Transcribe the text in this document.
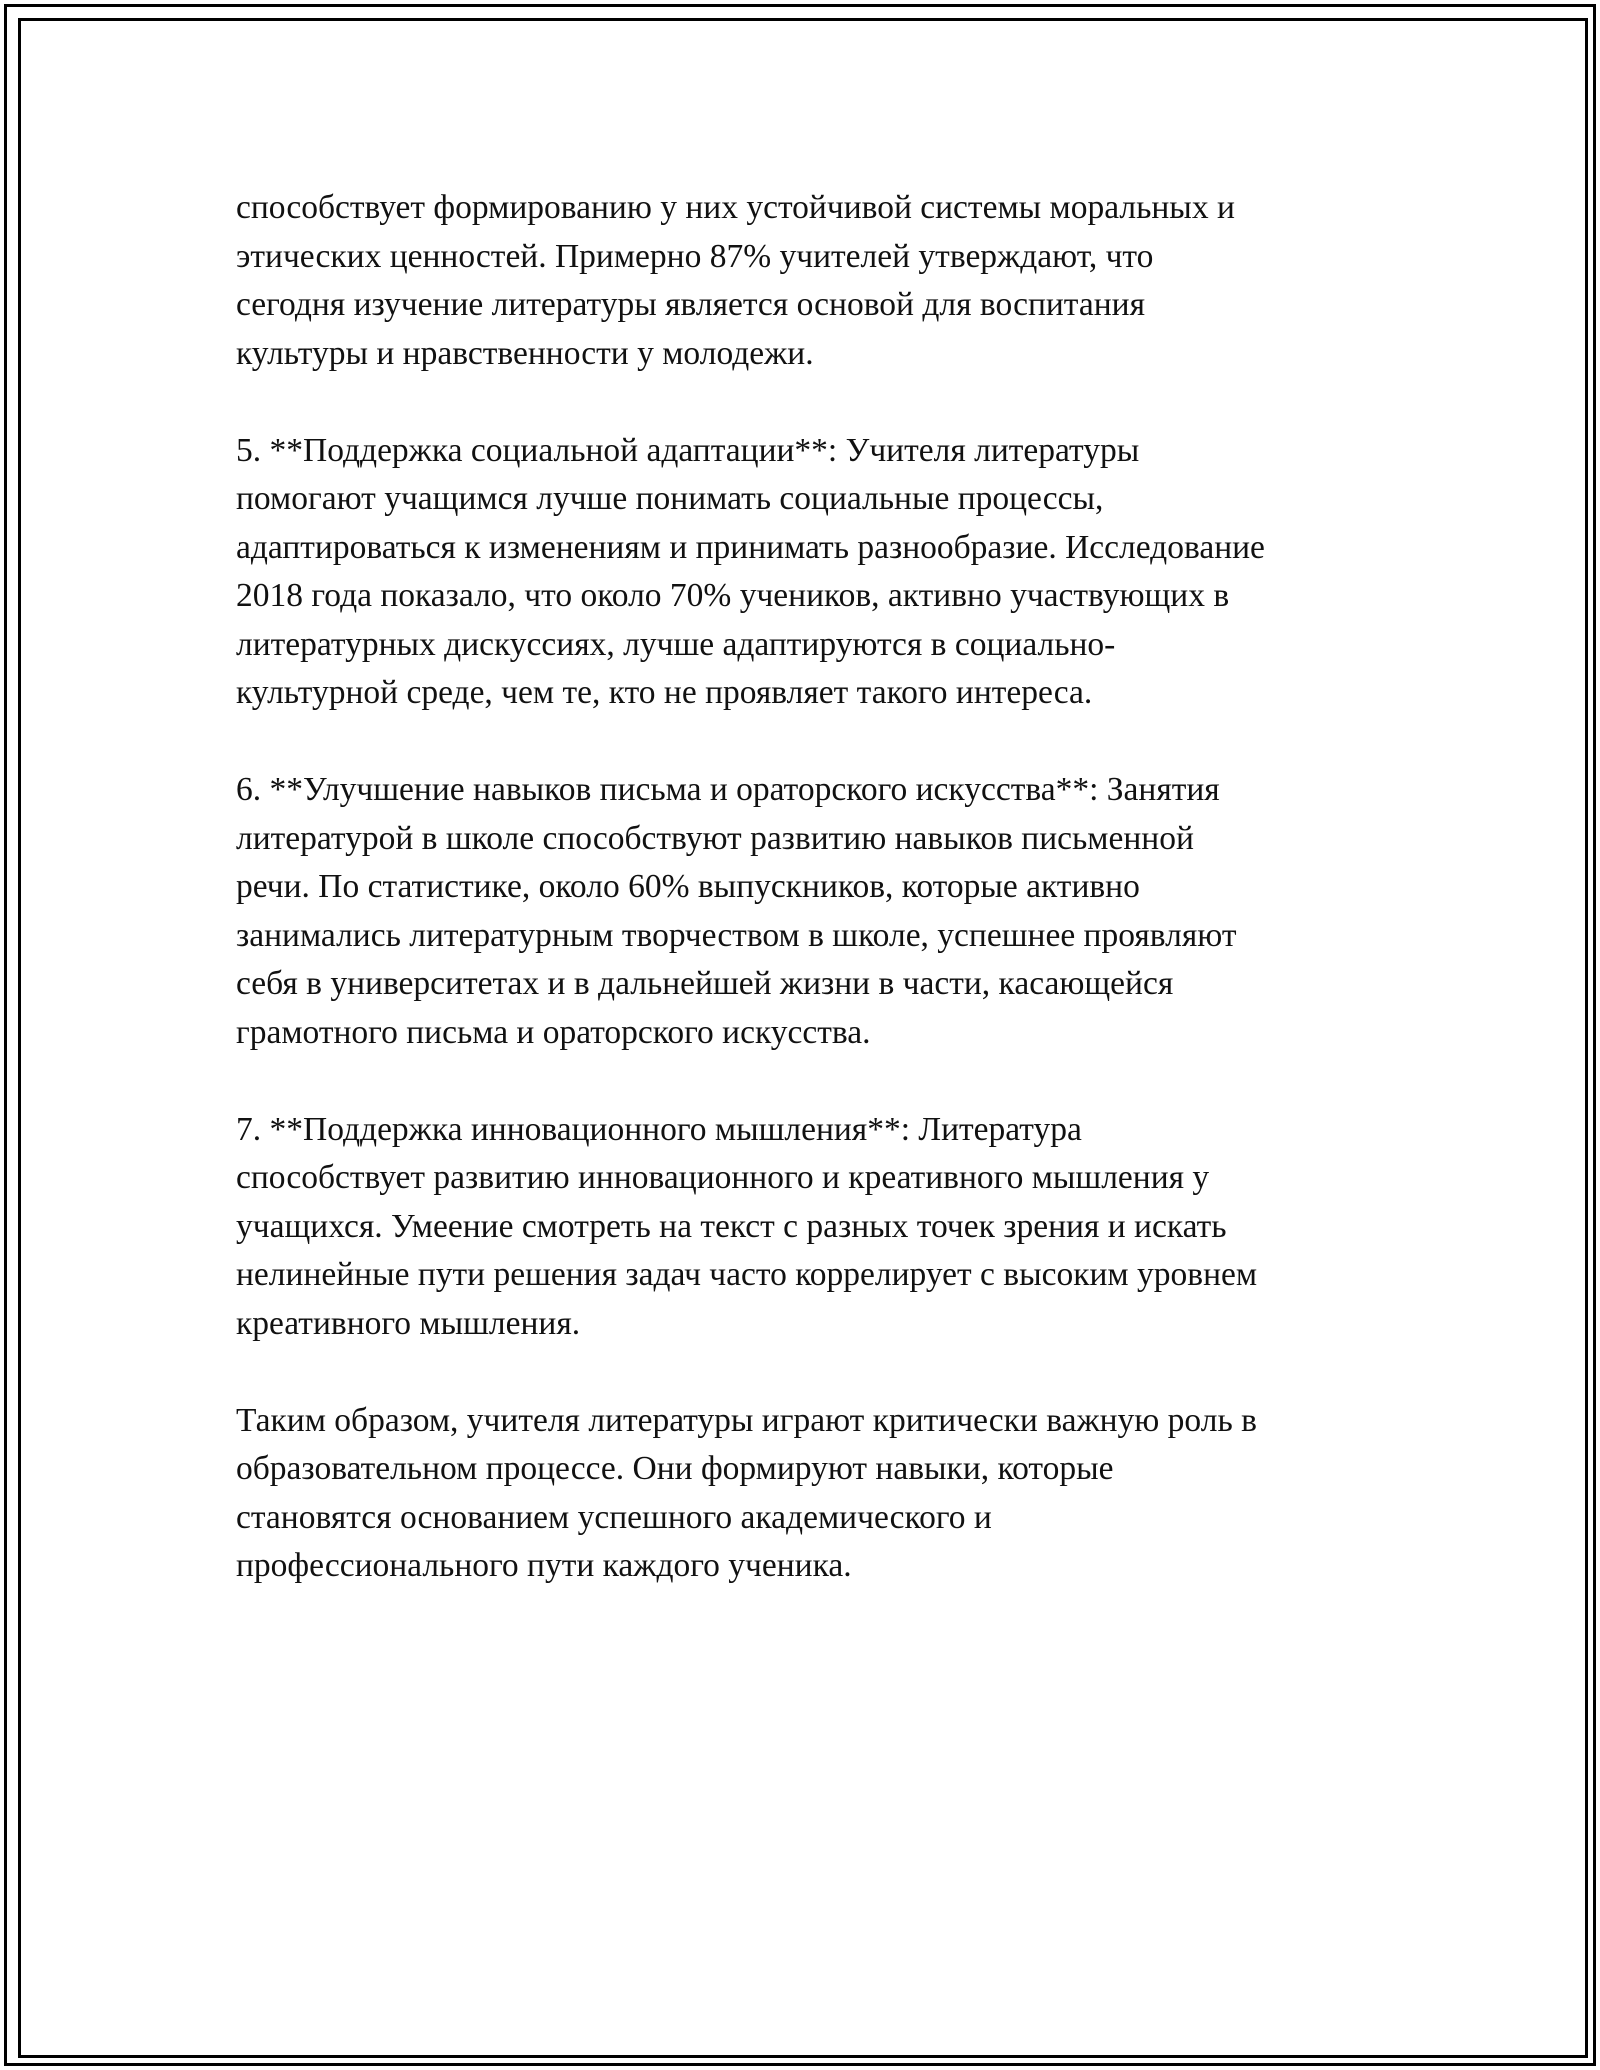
способствует формированию у них устойчивой системы моральных и
этических ценностей. Примерно 87% учителей утверждают, что
сегодня изучение литературы является основой для воспитания
культуры и нравственности у молодежи.

5. **Поддержка социальной адаптации**: Учителя литературы
помогают учащимся лучше понимать социальные процессы,
адаптироваться к изменениям и принимать разнообразие. Исследование
2018 года показало, что около 70% учеников, активно участвующих в
литературных дискуссиях, лучше адаптируются в социально-
культурной среде, чем те, кто не проявляет такого интереса.

6. **Улучшение навыков письма и ораторского искусства**: Занятия
литературой в школе способствуют развитию навыков письменной
речи. По статистике, около 60% выпускников, которые активно
занимались литературным творчеством в школе, успешнее проявляют
себя в университетах и в дальнейшей жизни в части, касающейся
грамотного письма и ораторского искусства.

7. **Поддержка инновационного мышления**: Литература
способствует развитию инновационного и креативного мышления у
учащихся. Умеение смотреть на текст с разных точек зрения и искать
нелинейные пути решения задач часто коррелирует с высоким уровнем
креативного мышления.

Таким образом, учителя литературы играют критически важную роль в
образовательном процессе. Они формируют навыки, которые
становятся основанием успешного академического и
профессионального пути каждого ученика.
